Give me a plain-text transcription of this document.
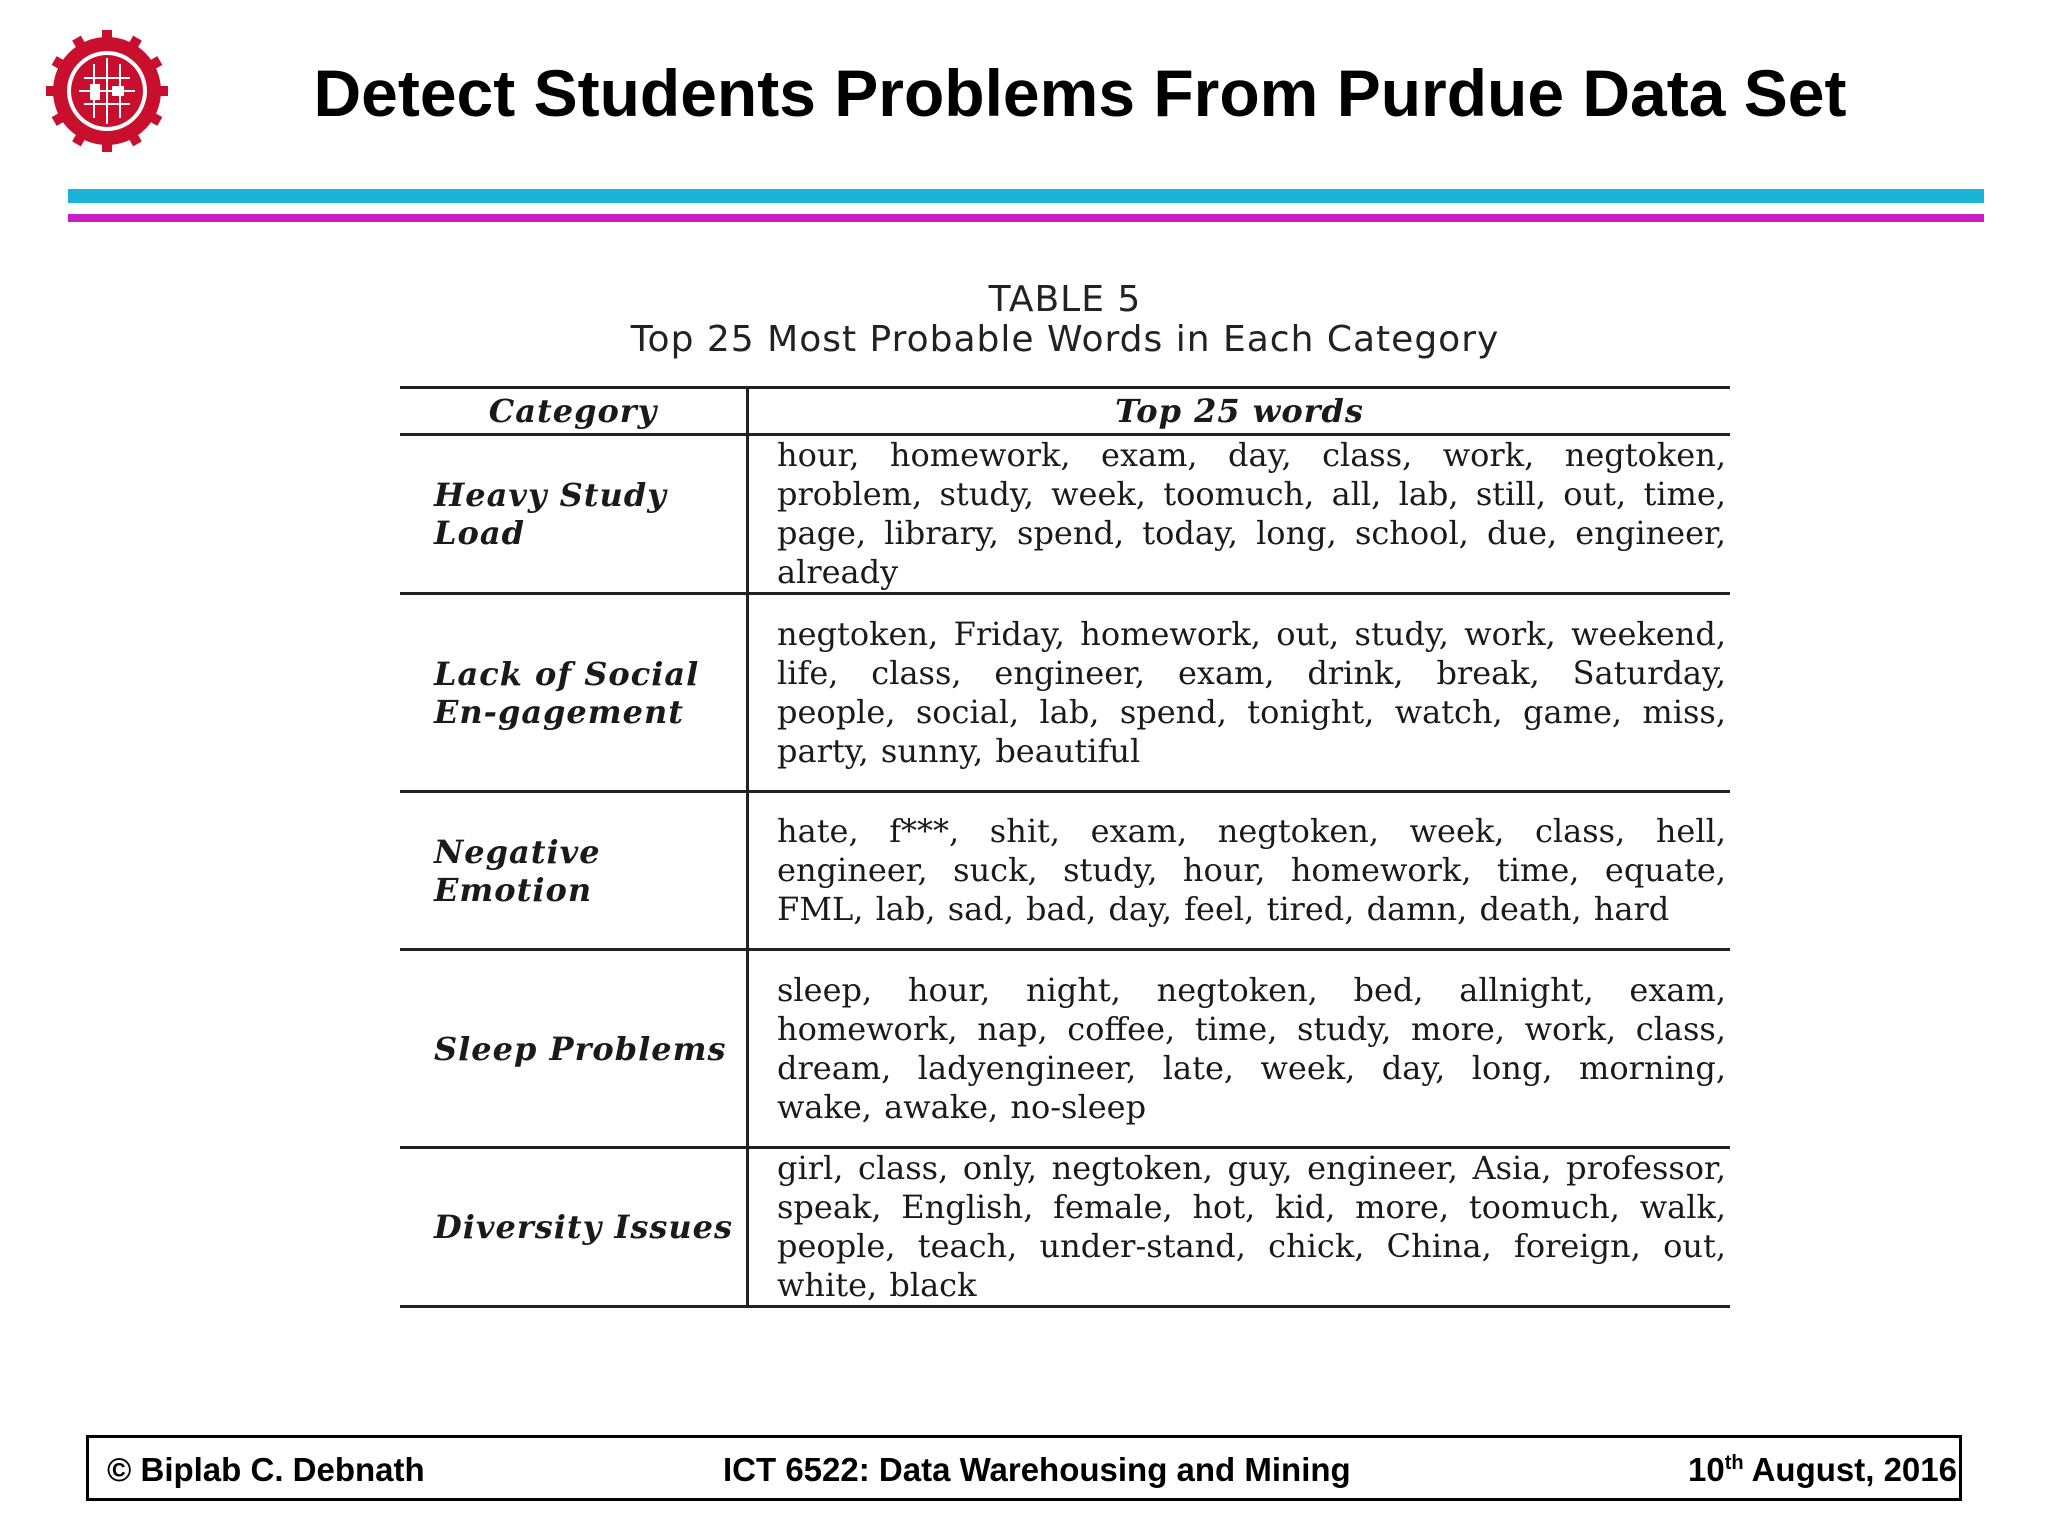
Detect Students Problems From Purdue Data Set
TABLE 5
Top 25 Most Probable Words in Each Category
Category	Top 25 words
Heavy Study Load	hour, homework, exam, day, class, work, negtoken, problem, study, week, toomuch, all, lab, still, out, time, page, library, spend, today, long, school, due, engineer, already
Lack of Social En-gagement	negtoken, Friday, homework, out, study, work, weekend, life, class, engineer, exam, drink, break, Saturday, people, social, lab, spend, tonight, watch, game, miss, party, sunny, beautiful
Negative Emotion	hate, f***, shit, exam, negtoken, week, class, hell, engineer, suck, study, hour, homework, time, equate, FML, lab, sad, bad, day, feel, tired, damn, death, hard
Sleep Problems	sleep, hour, night, negtoken, bed, allnight, exam, homework, nap, coffee, time, study, more, work, class, dream, ladyengineer, late, week, day, long, morning, wake, awake, no-sleep
Diversity Issues	girl, class, only, negtoken, guy, engineer, Asia, professor, speak, English, female, hot, kid, more, toomuch, walk, people, teach, under-stand, chick, China, foreign, out, white, black
© Biplab C. Debnath	ICT 6522: Data Warehousing and Mining	10th August, 2016
